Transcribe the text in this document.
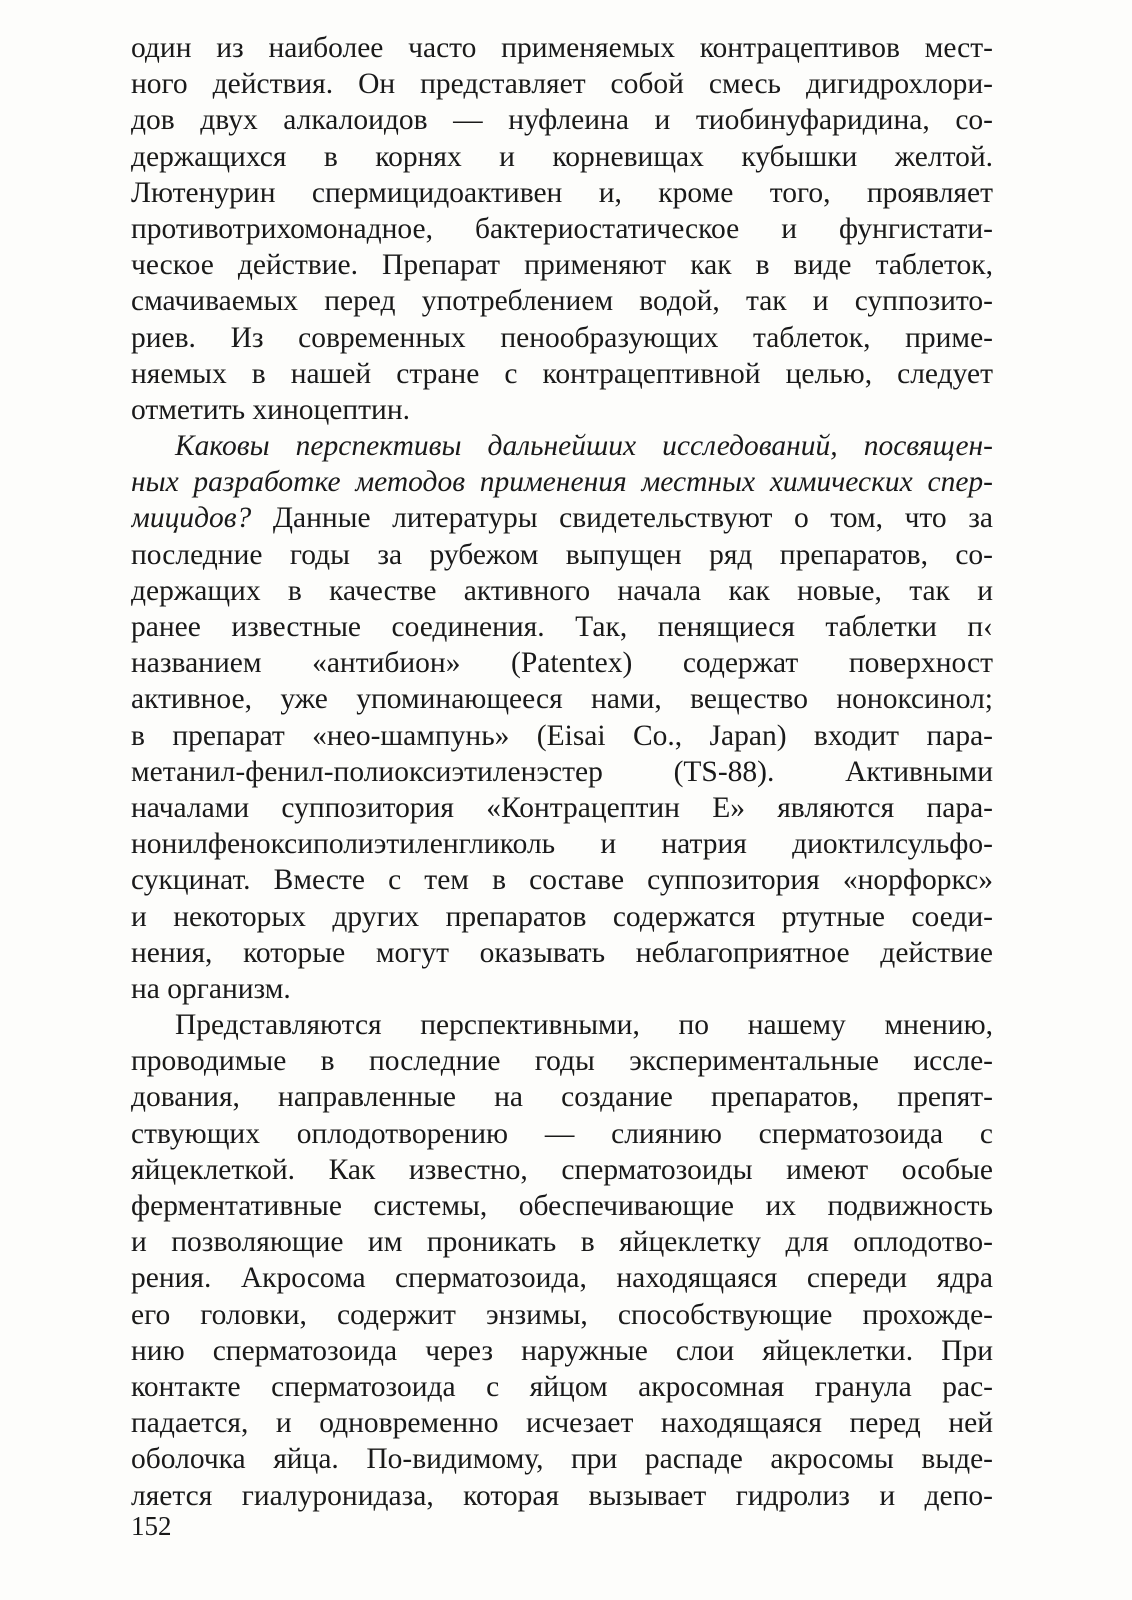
один из наиболее часто применяемых контрацептивов мест-
ного действия. Он представляет собой смесь дигидрохлори-
дов двух алкалоидов — нуфлеина и тиобинуфаридина, со-
держащихся в корнях и корневищах кубышки желтой.
Лютенурин спермицидоактивен и, кроме того, проявляет
противотрихомонадное, бактериостатическое и фунгистати-
ческое действие. Препарат применяют как в виде таблеток,
смачиваемых перед употреблением водой, так и суппозито-
риев. Из современных пенообразующих таблеток, приме-
няемых в нашей стране с контрацептивной целью, следует
отметить хиноцептин.
Каковы перспективы дальнейших исследований, посвящен-
ных разработке методов применения местных химических спер-
мицидов? Данные литературы свидетельствуют о том, что за
последние годы за рубежом выпущен ряд препаратов, со-
держащих в качестве активного начала как новые, так и
ранее известные соединения. Так, пенящиеся таблетки п‹
названием «антибион» (Patentex) содержат поверхност
активное, уже упоминающееся нами, вещество ноноксинол;
в препарат «нео-шампунь» (Eisai Co., Japan) входит пара-
метанил-фенил-полиоксиэтиленэстер (TS-88). Активными
началами суппозитория «Контрацептин Е» являются пара-
нонилфеноксиполиэтиленгликоль и натрия диоктилсульфо-
сукцинат. Вместе с тем в составе суппозитория «норфоркс»
и некоторых других препаратов содержатся ртутные соеди-
нения, которые могут оказывать неблагоприятное действие
на организм.
Представляются перспективными, по нашему мнению,
проводимые в последние годы экспериментальные иссле-
дования, направленные на создание препаратов, препят-
ствующих оплодотворению — слиянию сперматозоида с
яйцеклеткой. Как известно, сперматозоиды имеют особые
ферментативные системы, обеспечивающие их подвижность
и позволяющие им проникать в яйцеклетку для оплодотво-
рения. Акросома сперматозоида, находящаяся спереди ядра
его головки, содержит энзимы, способствующие прохожде-
нию сперматозоида через наружные слои яйцеклетки. При
контакте сперматозоида с яйцом акросомная гранула рас-
падается, и одновременно исчезает находящаяся перед ней
оболочка яйца. По-видимому, при распаде акросомы выде-
ляется гиалуронидаза, которая вызывает гидролиз и депо-
152
